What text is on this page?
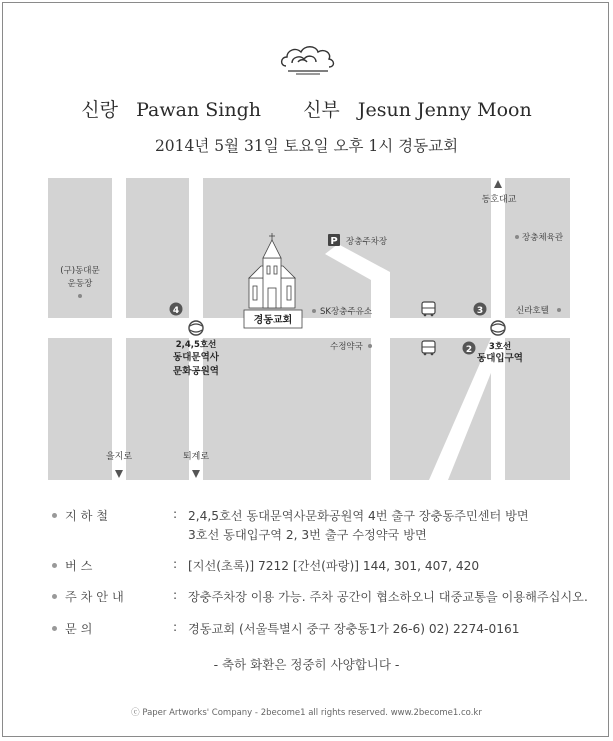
신랑 Pawan Singh 신부 Jesun Jenny Moon
2014년 5월 31일 토요일 오후 1시 경동교회
동호대교
장충체육관
P 장충주차장
(구)동대문
운동장
경동교회
SK장충주유소
4	3
2
신라호텔
수정약국
2,4,5호선
동대문역사
문화공원역
3호선
동대입구역
을지로	퇴계로
지 하 철	: 2,4,5호선 동대문역사문화공원역 4번 출구 장충동주민센터 방면
3호선 동대입구역 2, 3번 출구 수정약국 방면
버 스	: [지선(초록)] 7212 [간선(파랑)] 144, 301, 407, 420
주 차 안 내	: 장충주차장 이용 가능. 주차 공간이 협소하오니 대중교통을 이용해주십시오.
문 의	: 경동교회 (서울특별시 중구 장충동1가 26-6) 02) 2274-0161
- 축하 화환은 정중히 사양합니다 -
ⓒ Paper Artworks' Company - 2become1 all rights reserved. www.2become1.co.kr
